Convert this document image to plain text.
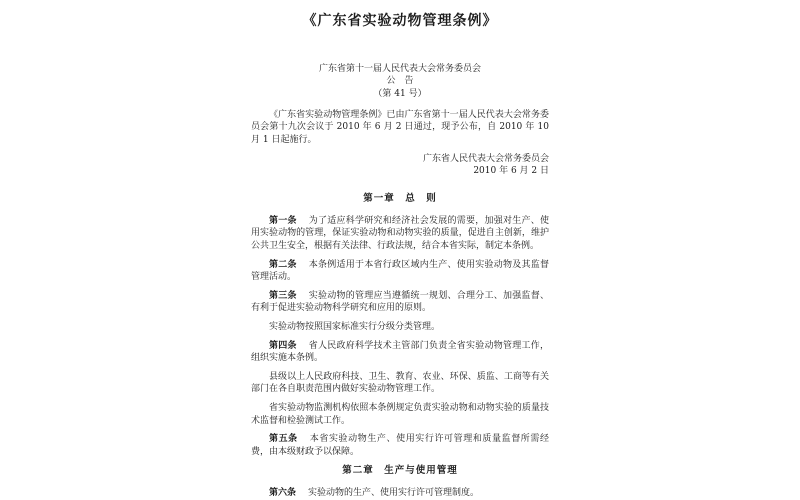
《广东省实验动物管理条例》
广东省第十一届人民代表大会常务委员会
公　告
（第 41 号）

《广东省实验动物管理条例》已由广东省第十一届人民代表大会常务委员会第十九次会议于 2010 年 6 月 2 日通过，现予公布，自 2010 年 10 月 1 日起施行。

广东省人民代表大会常务委员会
2010 年 6 月 2 日
第一章　总　则

第一条 为了适应科学研究和经济社会发展的需要，加强对生产、使用实验动物的管理，保证实验动物和动物实验的质量，促进自主创新，维护公共卫生安全，根据有关法律、行政法规，结合本省实际，制定本条例。

第二条 本条例适用于本省行政区域内生产、使用实验动物及其监督管理活动。

第三条 实验动物的管理应当遵循统一规划、合理分工、加强监督、有利于促进实验动物科学研究和应用的原则。

实验动物按照国家标准实行分级分类管理。

第四条 省人民政府科学技术主管部门负责全省实验动物管理工作，组织实施本条例。

县级以上人民政府科技、卫生、教育、农业、环保、质监、工商等有关部门在各自职责范围内做好实验动物管理工作。

省实验动物监测机构依照本条例规定负责实验动物和动物实验的质量技术监督和检验测试工作。

第五条 本省实验动物生产、使用实行许可管理和质量监督所需经费，由本级财政予以保障。

第二章　生产与使用管理

第六条 实验动物的生产、使用实行许可管理制度。
